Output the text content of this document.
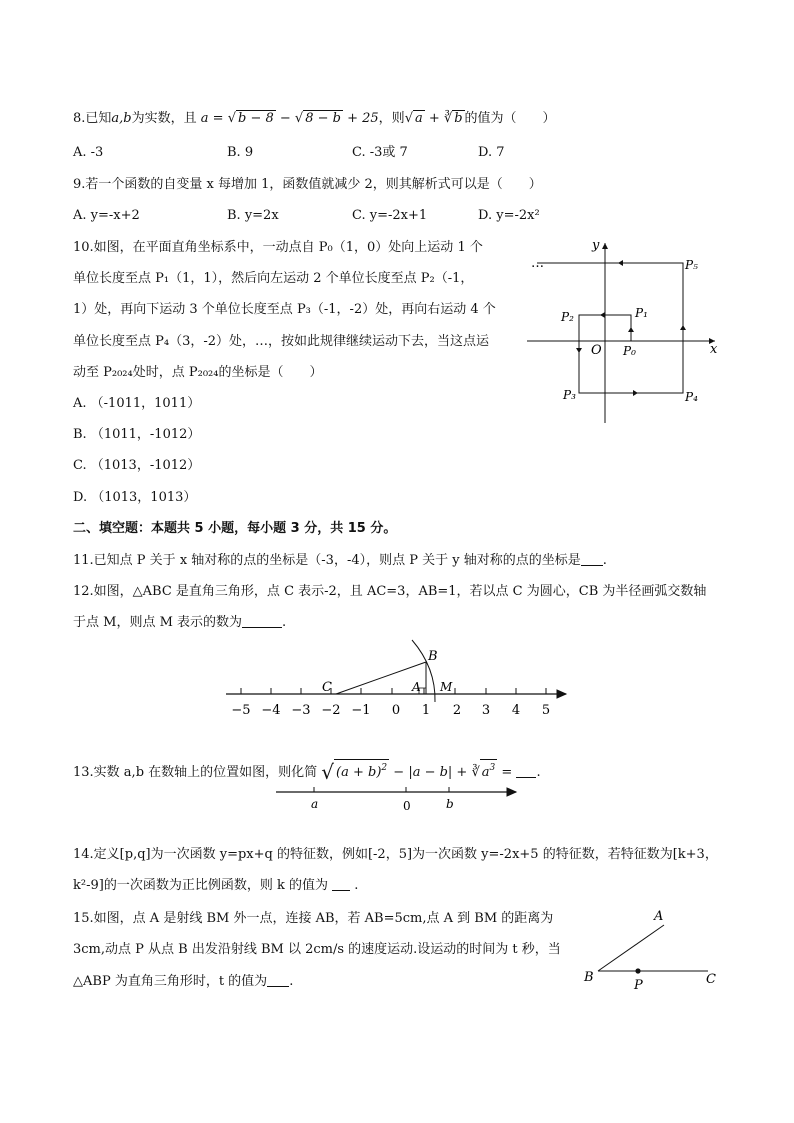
8.已知a,b为实数，且 a = √ b − 8 − √ 8 − b + 25，则√ a + ∛ b 的值为（　　）
A. -3	B. 9	C. -3或 7	D. 7
9.若一个函数的自变量 x 每增加 1，函数值就减少 2，则其解析式可以是（　　）
A. y=-x+2	B. y=2x	C. y=-2x+1	D. y=-2x²
10.如图，在平面直角坐标系中，一动点自 P₀（1，0）处向上运动 1 个
单位长度至点 P₁（1，1），然后向左运动 2 个单位长度至点 P₂（-1，
1）处，再向下运动 3 个单位长度至点 P₃（-1，-2）处，再向右运动 4 个
单位长度至点 P₄（3，-2）处，…，按如此规律继续运动下去，当这点运
动至 P₂₀₂₄处时，点 P₂₀₂₄的坐标是（　　）
A. （-1011，1011）
B. （1011，-1012）
C. （1013，-1012）
D. （1013，1013）
y
x
O
…
P₀
P₁
P₂
P₃	P₄
P₅
二、填空题：本题共 5 小题，每小题 3 分，共 15 分。
11.已知点 P 关于 x 轴对称的点的坐标是（-3，-4），则点 P 关于 y 轴对称的点的坐标是 .
12.如图，△ABC 是直角三角形，点 C 表示-2，且 AC=3，AB=1，若以点 C 为圆心，CB 为半径画弧交数轴
于点 M，则点 M 表示的数为	.
−5 −4 −3 −2 −1 0 1 2 3 4 5
C	A
B
M
13.实数 a,b 在数轴上的位置如图，则化简 √ $(a + b)^2 - |a - b|$ + ∛ $a^3$ = .
a	0	b
14.定义[p,q]为一次函数 y=px+q 的特征数，例如[-2，5]为一次函数 y=-2x+5 的特征数，若特征数为[k+3，
k²-9]的一次函数为正比例函数，则 k 的值为 .
15.如图，点 A 是射线 BM 外一点，连接 AB，若 AB=5cm,点 A 到 BM 的距离为
3cm,动点 P 从点 B 出发沿射线 BM 以 2cm/s 的速度运动.设运动的时间为 t 秒，当
△ABP 为直角三角形时，t 的值为 .
A
B
P	C
